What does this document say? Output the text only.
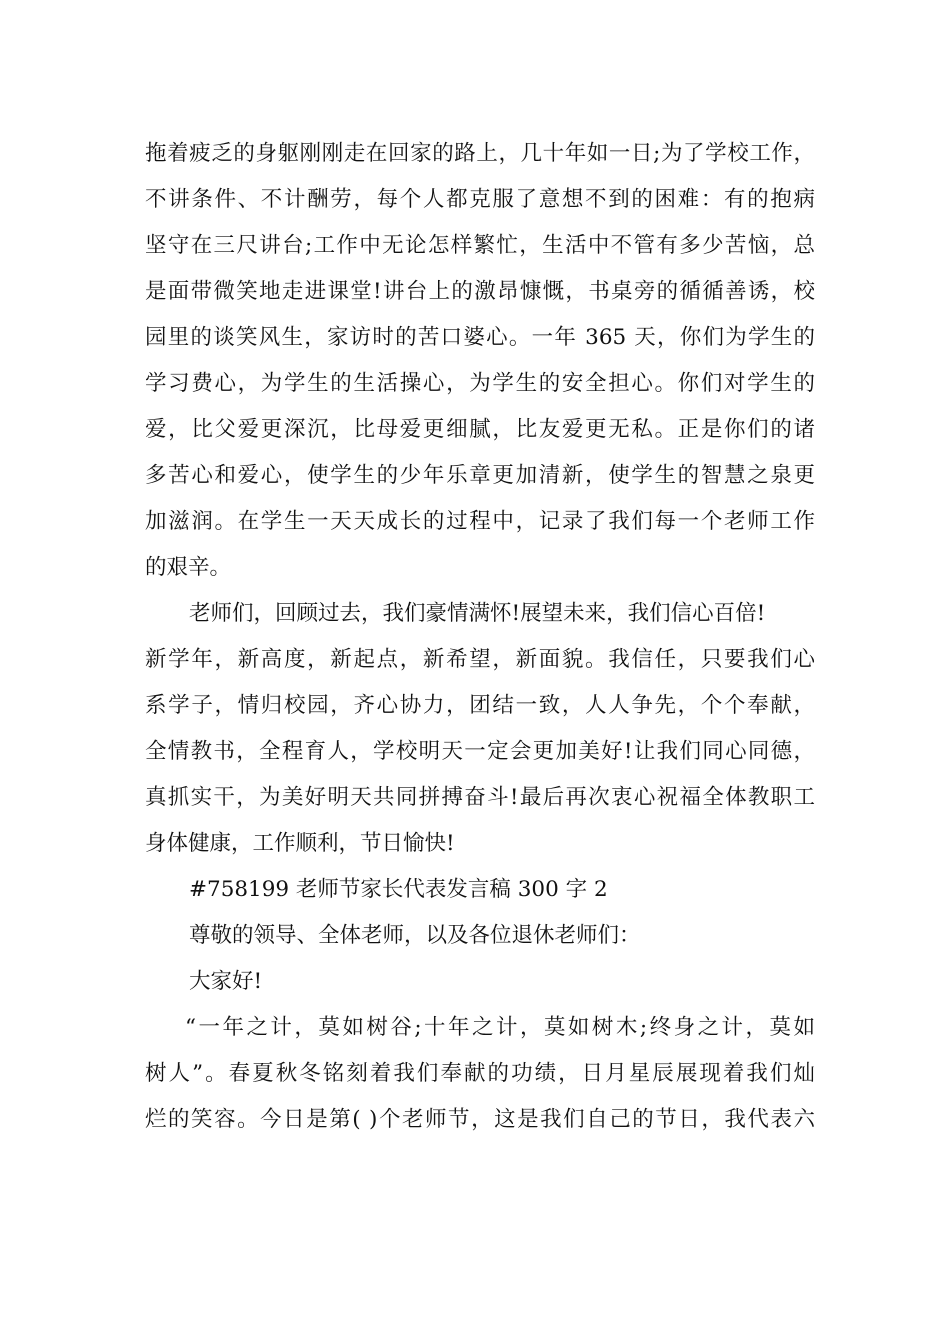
拖着疲乏的身躯刚刚走在回家的路上，几十年如一日;为了学校工作，
不讲条件、不计酬劳，每个人都克服了意想不到的困难：有的抱病
坚守在三尺讲台;工作中无论怎样繁忙，生活中不管有多少苦恼，总
是面带微笑地走进课堂!讲台上的激昂慷慨，书桌旁的循循善诱，校
园里的谈笑风生，家访时的苦口婆心。一年 365 天，你们为学生的
学习费心，为学生的生活操心，为学生的安全担心。你们对学生的
爱，比父爱更深沉，比母爱更细腻，比友爱更无私。正是你们的诸
多苦心和爱心，使学生的少年乐章更加清新，使学生的智慧之泉更
加滋润。在学生一天天成长的过程中，记录了我们每一个老师工作
的艰辛。
老师们，回顾过去，我们豪情满怀!展望未来，我们信心百倍!
新学年，新高度，新起点，新希望，新面貌。我信任，只要我们心
系学子，情归校园，齐心协力，团结一致，人人争先，个个奉献，
全情教书，全程育人，学校明天一定会更加美好!让我们同心同德，
真抓实干，为美好明天共同拼搏奋斗!最后再次衷心祝福全体教职工
身体健康，工作顺利，节日愉快!
#758199 老师节家长代表发言稿 300 字 2
尊敬的领导、全体老师，以及各位退休老师们：
大家好!
“一年之计，莫如树谷;十年之计，莫如树木;终身之计，莫如
树人”。春夏秋冬铭刻着我们奉献的功绩，日月星辰展现着我们灿
烂的笑容。今日是第( )个老师节，这是我们自己的节日，我代表六
